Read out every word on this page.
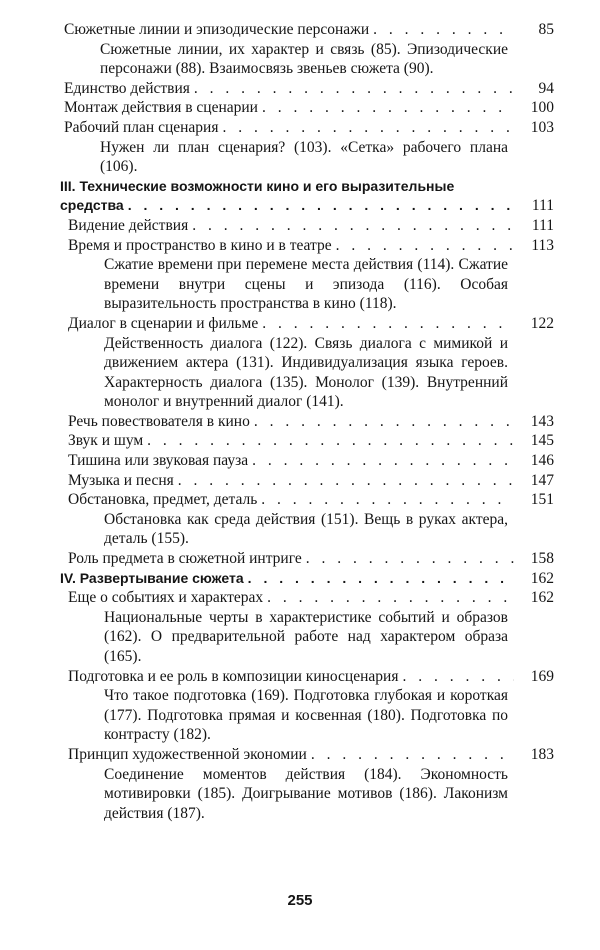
Сюжетные линии и эпизодические персонажи . . .	85
Сюжетные линии, их характер и связь (85). Эпизодические персонажи (88). Взаимосвязь звеньев сюжета (90).
Единство действия . . .	94
Монтаж действия в сценарии . . .	100
Рабочий план сценария . . .	103
Нужен ли план сценария? (103). «Сетка» рабочего плана (106).
III. Технические возможности кино и его выразительные
средства . . .	111
Видение действия . . .	111
Время и пространство в кино и в театре . . .	113
Сжатие времени при перемене места действия (114). Сжатие времени внутри сцены и эпизода (116). Особая выразительность пространства в кино (118).
Диалог в сценарии и фильме . . .	122
Действенность диалога (122). Связь диалога с мимикой и движением актера (131). Индивидуализация языка героев. Характерность диалога (135). Монолог (139). Внутренний монолог и внутренний диалог (141).
Речь повествователя в кино . . .	143
Звук и шум . . .	145
Тишина или звуковая пауза . . .	146
Музыка и песня . . .	147
Обстановка, предмет, деталь . . .	151
Обстановка как среда действия (151). Вещь в руках актера, деталь (155).
Роль предмета в сюжетной интриге . . .	158
IV. Развертывание сюжета . . .	162
Еще о событиях и характерах . . .	162
Национальные черты в характеристике событий и образов (162). О предварительной работе над характером образа (165).
Подготовка и ее роль в композиции киносценария . . .	169
Что такое подготовка (169). Подготовка глубокая и короткая (177). Подготовка прямая и косвенная (180). Подготовка по контрасту (182).
Принцип художественной экономии . . .	183
Соединение моментов действия (184). Экономность мотивировки (185). Доигрывание мотивов (186). Лаконизм действия (187).
255
